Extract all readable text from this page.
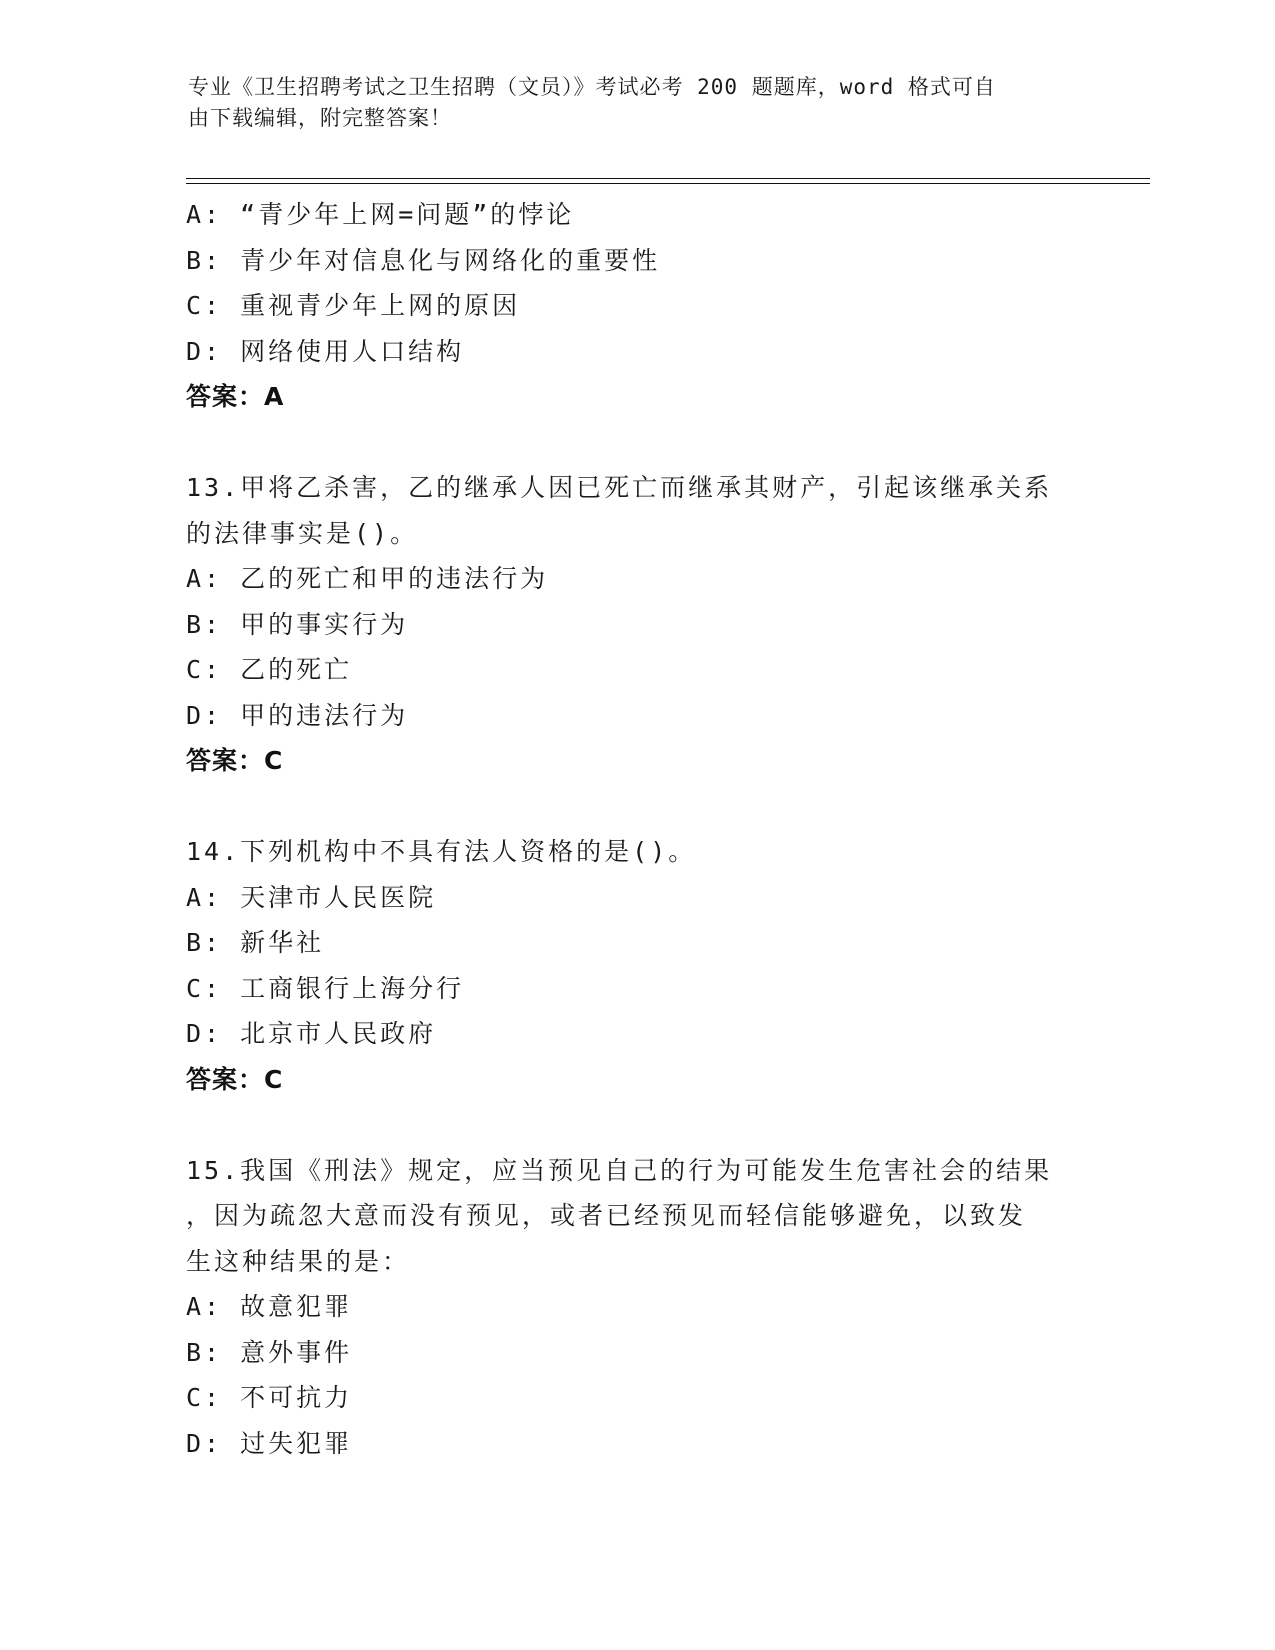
专业《卫生招聘考试之卫生招聘（文员）》考试必考 200 题题库，word 格式可自
由下载编辑，附完整答案！
A: “青少年上网=问题”的悖论
B: 青少年对信息化与网络化的重要性
C: 重视青少年上网的原因
D: 网络使用人口结构
答案：A
13.甲将乙杀害，乙的继承人因已死亡而继承其财产，引起该继承关系
的法律事实是()。
A: 乙的死亡和甲的违法行为
B: 甲的事实行为
C: 乙的死亡
D: 甲的违法行为
答案：C
14.下列机构中不具有法人资格的是()。
A: 天津市人民医院
B: 新华社
C: 工商银行上海分行
D: 北京市人民政府
答案：C
15.我国《刑法》规定，应当预见自己的行为可能发生危害社会的结果
，因为疏忽大意而没有预见，或者已经预见而轻信能够避免，以致发
生这种结果的是：
A: 故意犯罪
B: 意外事件
C: 不可抗力
D: 过失犯罪
